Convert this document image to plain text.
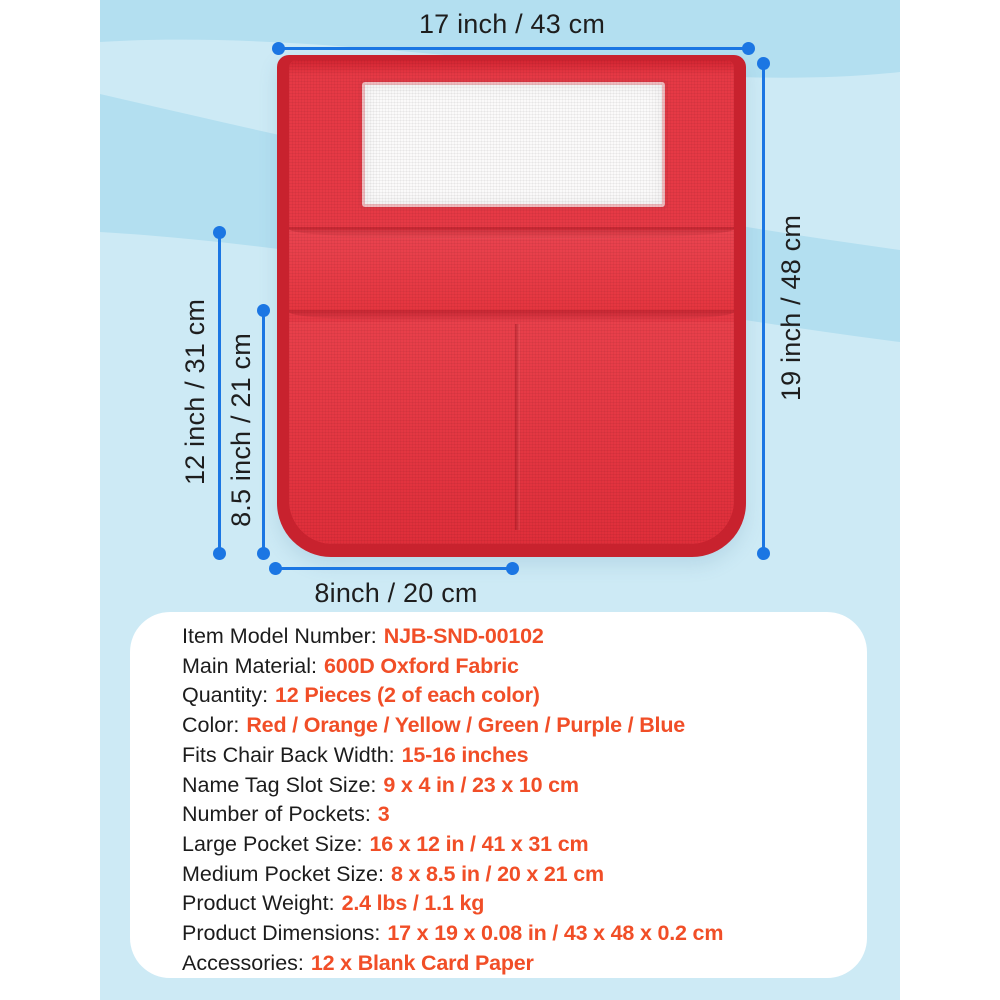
17 inch / 43 cm
19 inch / 48 cm
12 inch / 31 cm 8.5 inch / 21 cm
8inch / 20 cm
Item Model Number: NJB-SND-00102
Main Material: 600D Oxford Fabric
Quantity: 12 Pieces (2 of each color)
Color: Red / Orange / Yellow / Green / Purple / Blue
Fits Chair Back Width: 15-16 inches
Name Tag Slot Size: 9 x 4 in / 23 x 10 cm
Number of Pockets: 3
Large Pocket Size: 16 x 12 in / 41 x 31 cm
Medium Pocket Size: 8 x 8.5 in / 20 x 21 cm
Product Weight: 2.4 lbs / 1.1 kg
Product Dimensions: 17 x 19 x 0.08 in / 43 x 48 x 0.2 cm
Accessories: 12 x Blank Card Paper
